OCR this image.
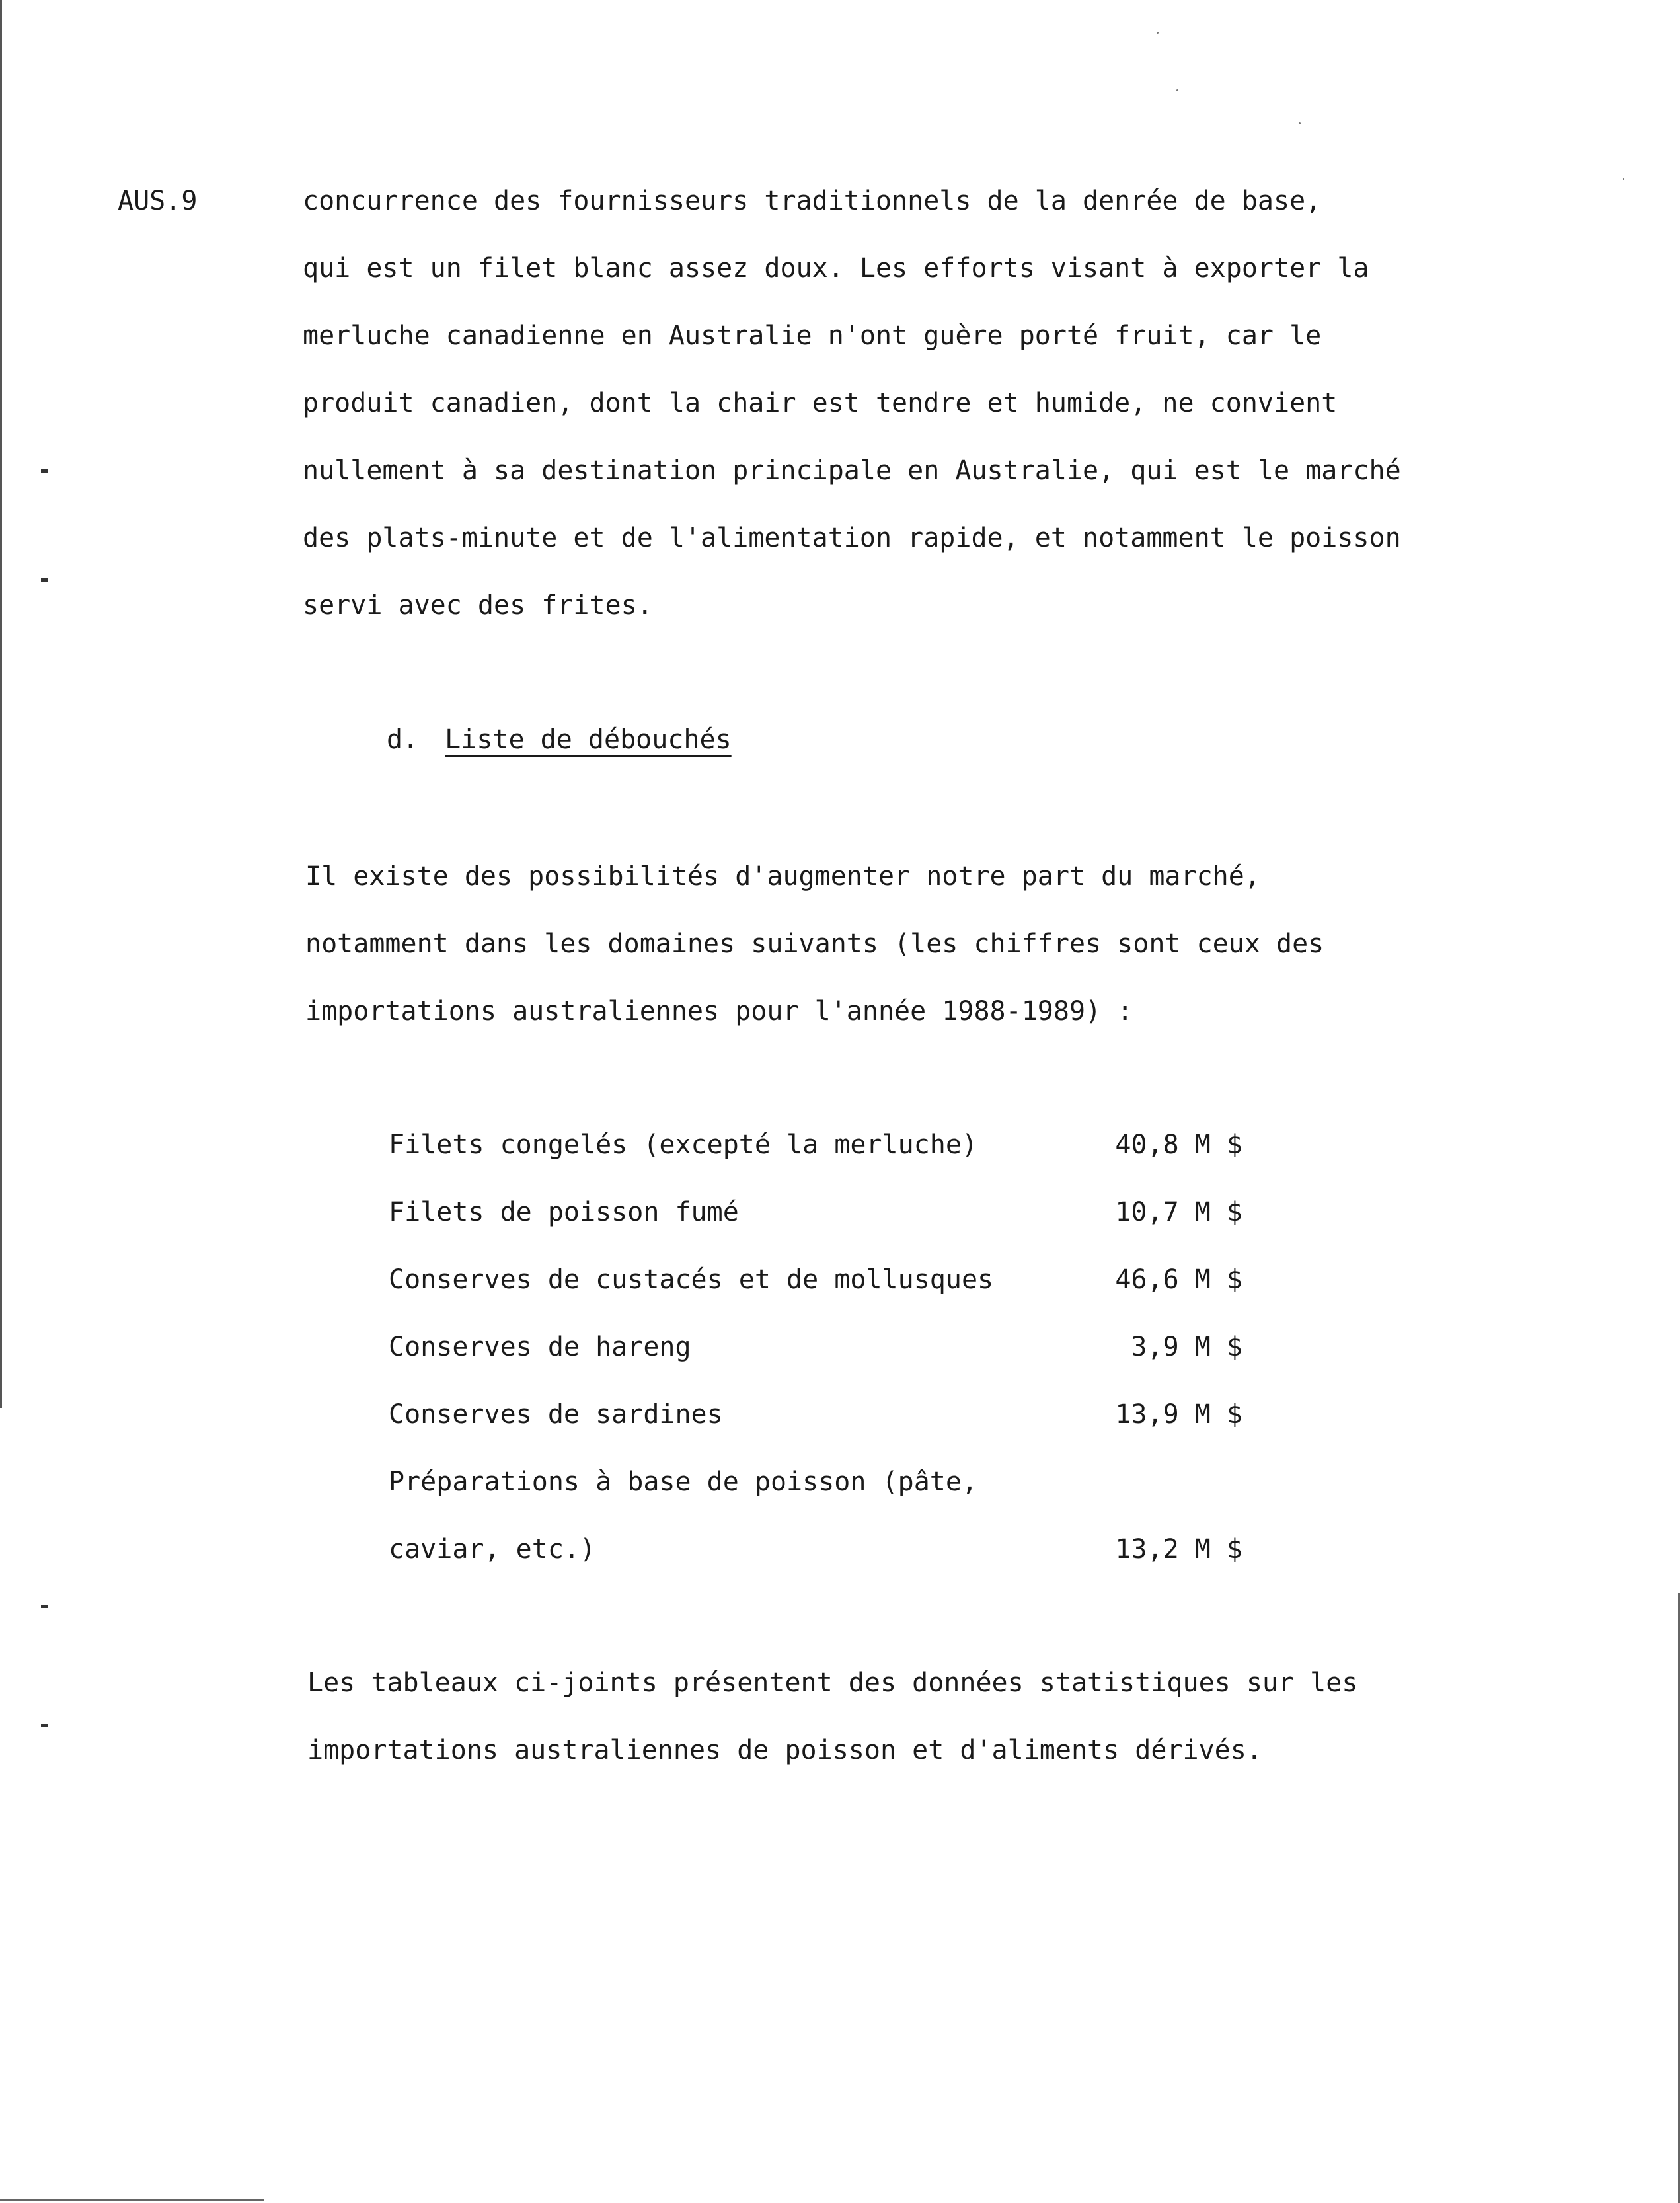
AUS.9	concurrence des fournisseurs traditionnels de la denrée de base,
qui est un filet blanc assez doux. Les efforts visant à exporter la
merluche canadienne en Australie n'ont guère porté fruit, car le
produit canadien, dont la chair est tendre et humide, ne convient
nullement à sa destination principale en Australie, qui est le marché
des plats-minute et de l'alimentation rapide, et notamment le poisson
servi avec des frites.
d. Liste de débouchés
Il existe des possibilités d'augmenter notre part du marché,
notamment dans les domaines suivants (les chiffres sont ceux des
importations australiennes pour l'année 1988-1989) :
Filets congelés (excepté la merluche)	40,8 M $
Filets de poisson fumé	10,7 M $
Conserves de custacés et de mollusques	46,6 M $
Conserves de hareng	3,9 M $
Conserves de sardines	13,9 M $
Préparations à base de poisson (pâte,
caviar, etc.)	13,2 M $
Les tableaux ci-joints présentent des données statistiques sur les
importations australiennes de poisson et d'aliments dérivés.
